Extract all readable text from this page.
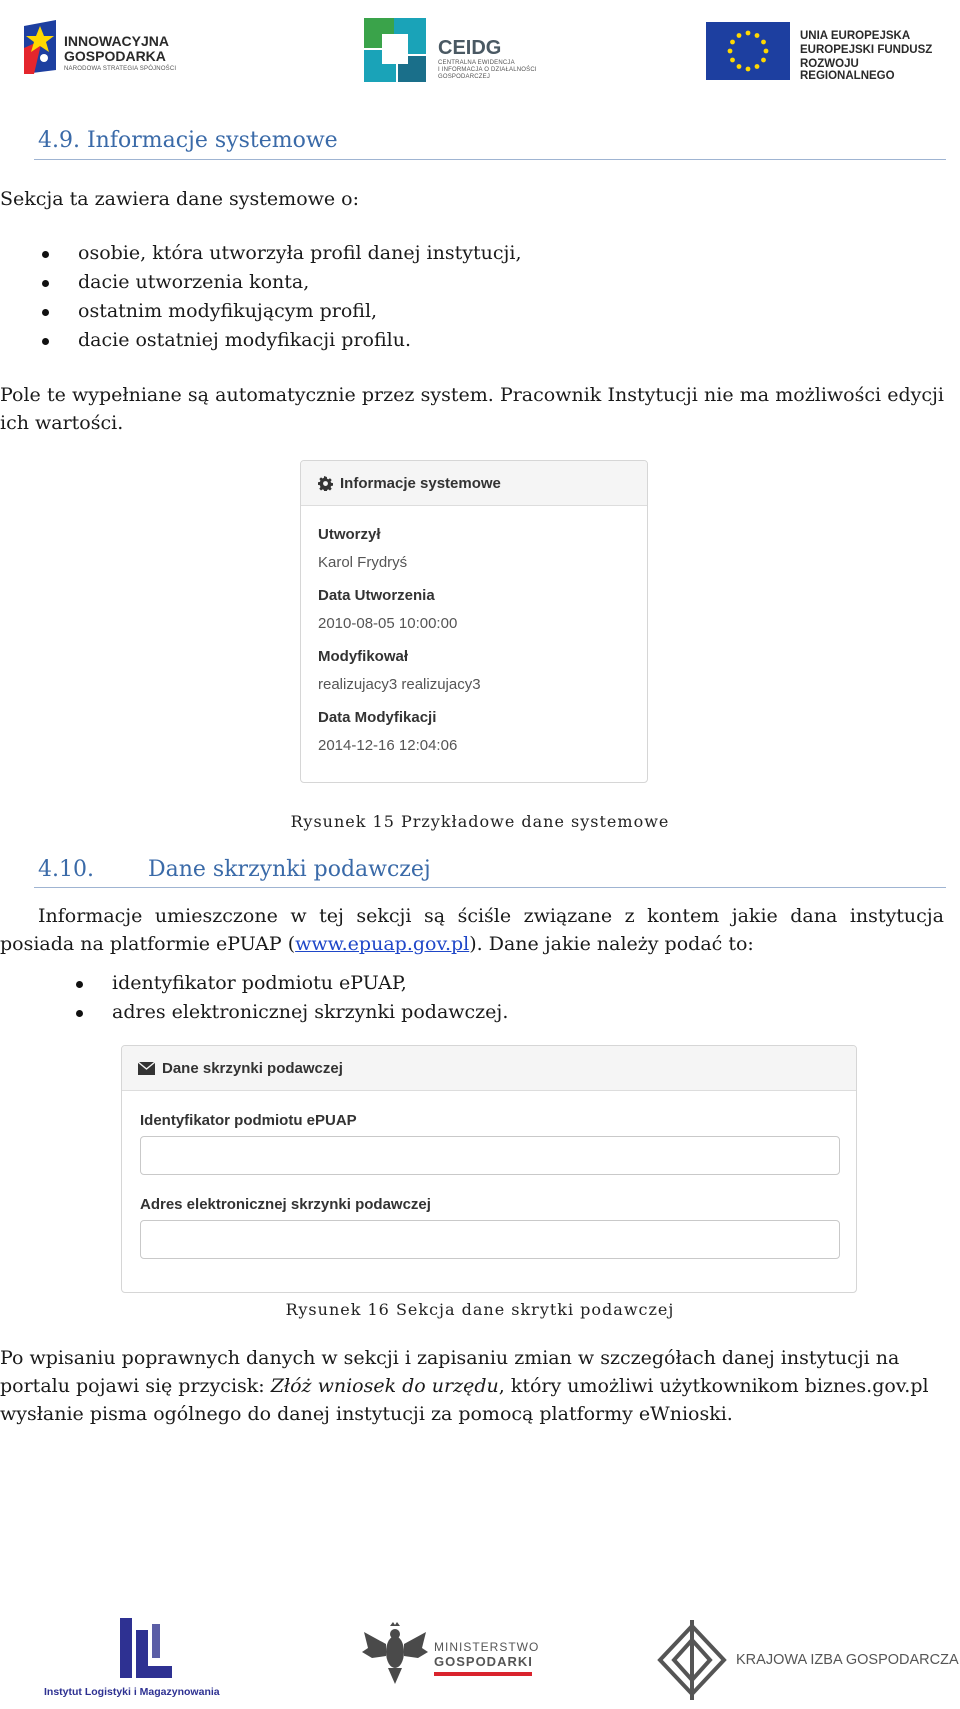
INNOWACYJNA
GOSPODARKA
NARODOWA STRATEGIA SPÓJNOŚCI
CEIDG
CENTRALNA EWIDENCJA
I INFORMACJA O DZIAŁALNOŚCI
GOSPODARCZEJ
UNIA EUROPEJSKA
EUROPEJSKI FUNDUSZ
ROZWOJU REGIONALNEGO
4.9. Informacje systemowe
Sekcja ta zawiera dane systemowe o:
osobie, która utworzyła profil danej instytucji,
dacie utworzenia konta,
ostatnim modyfikującym profil,
dacie ostatniej modyfikacji profilu.
Pole te wypełniane są automatycznie przez system. Pracownik Instytucji nie ma możliwości edycji ich wartości.
Informacje systemowe
Utworzył
Karol Frydryś
Data Utworzenia
2010-08-05 10:00:00
Modyfikował
realizujacy3 realizujacy3
Data Modyfikacji
2014-12-16 12:04:06
Rysunek 15 Przykładowe dane systemowe
4.10. Dane skrzynki podawczej
Informacje umieszczone w tej sekcji są ściśle związane z kontem jakie dana instytucja posiada na platformie ePUAP (www.epuap.gov.pl). Dane jakie należy podać to:
identyfikator podmiotu ePUAP,
adres elektronicznej skrzynki podawczej.
Dane skrzynki podawczej
Identyfikator podmiotu ePUAP
Adres elektronicznej skrzynki podawczej
Rysunek 16 Sekcja dane skrytki podawczej
Po wpisaniu poprawnych danych w sekcji i zapisaniu zmian w szczegółach danej instytucji na portalu pojawi się przycisk: Złóż wniosek do urzędu, który umożliwi użytkownikom biznes.gov.pl wysłanie pisma ogólnego do danej instytucji za pomocą platformy eWnioski.
Instytut Logistyki i Magazynowania
MINISTERSTWO
GOSPODARKI	KRAJOWA IZBA GOSPODARCZA
